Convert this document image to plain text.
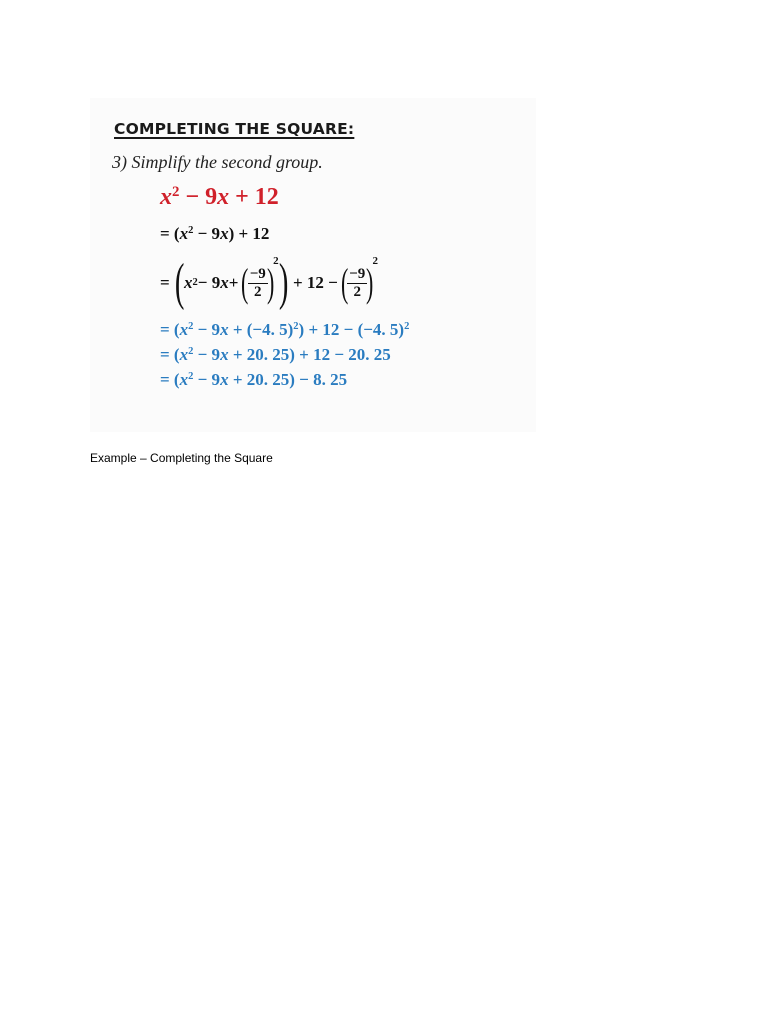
COMPLETING THE SQUARE:
3) Simplify the second group.
$x^2 - 9x + 12$
= $(x^2 - 9x) + 12$
= ( x 2 − 9 x + (
$\frac{-9}{2}$
)
2 ) + 12 − (
$\frac{-9}{2}$
)
2
= ($x^2 - 9x + (-4$. 5)$^2$) + 12 − (−4. 5)$^2$
= ($x^2 - 9x + 20$. 25) + 12 − 20. 25
= ($x^2 - 9x + 20$. 25) − 8. 25
Example – Completing the Square
